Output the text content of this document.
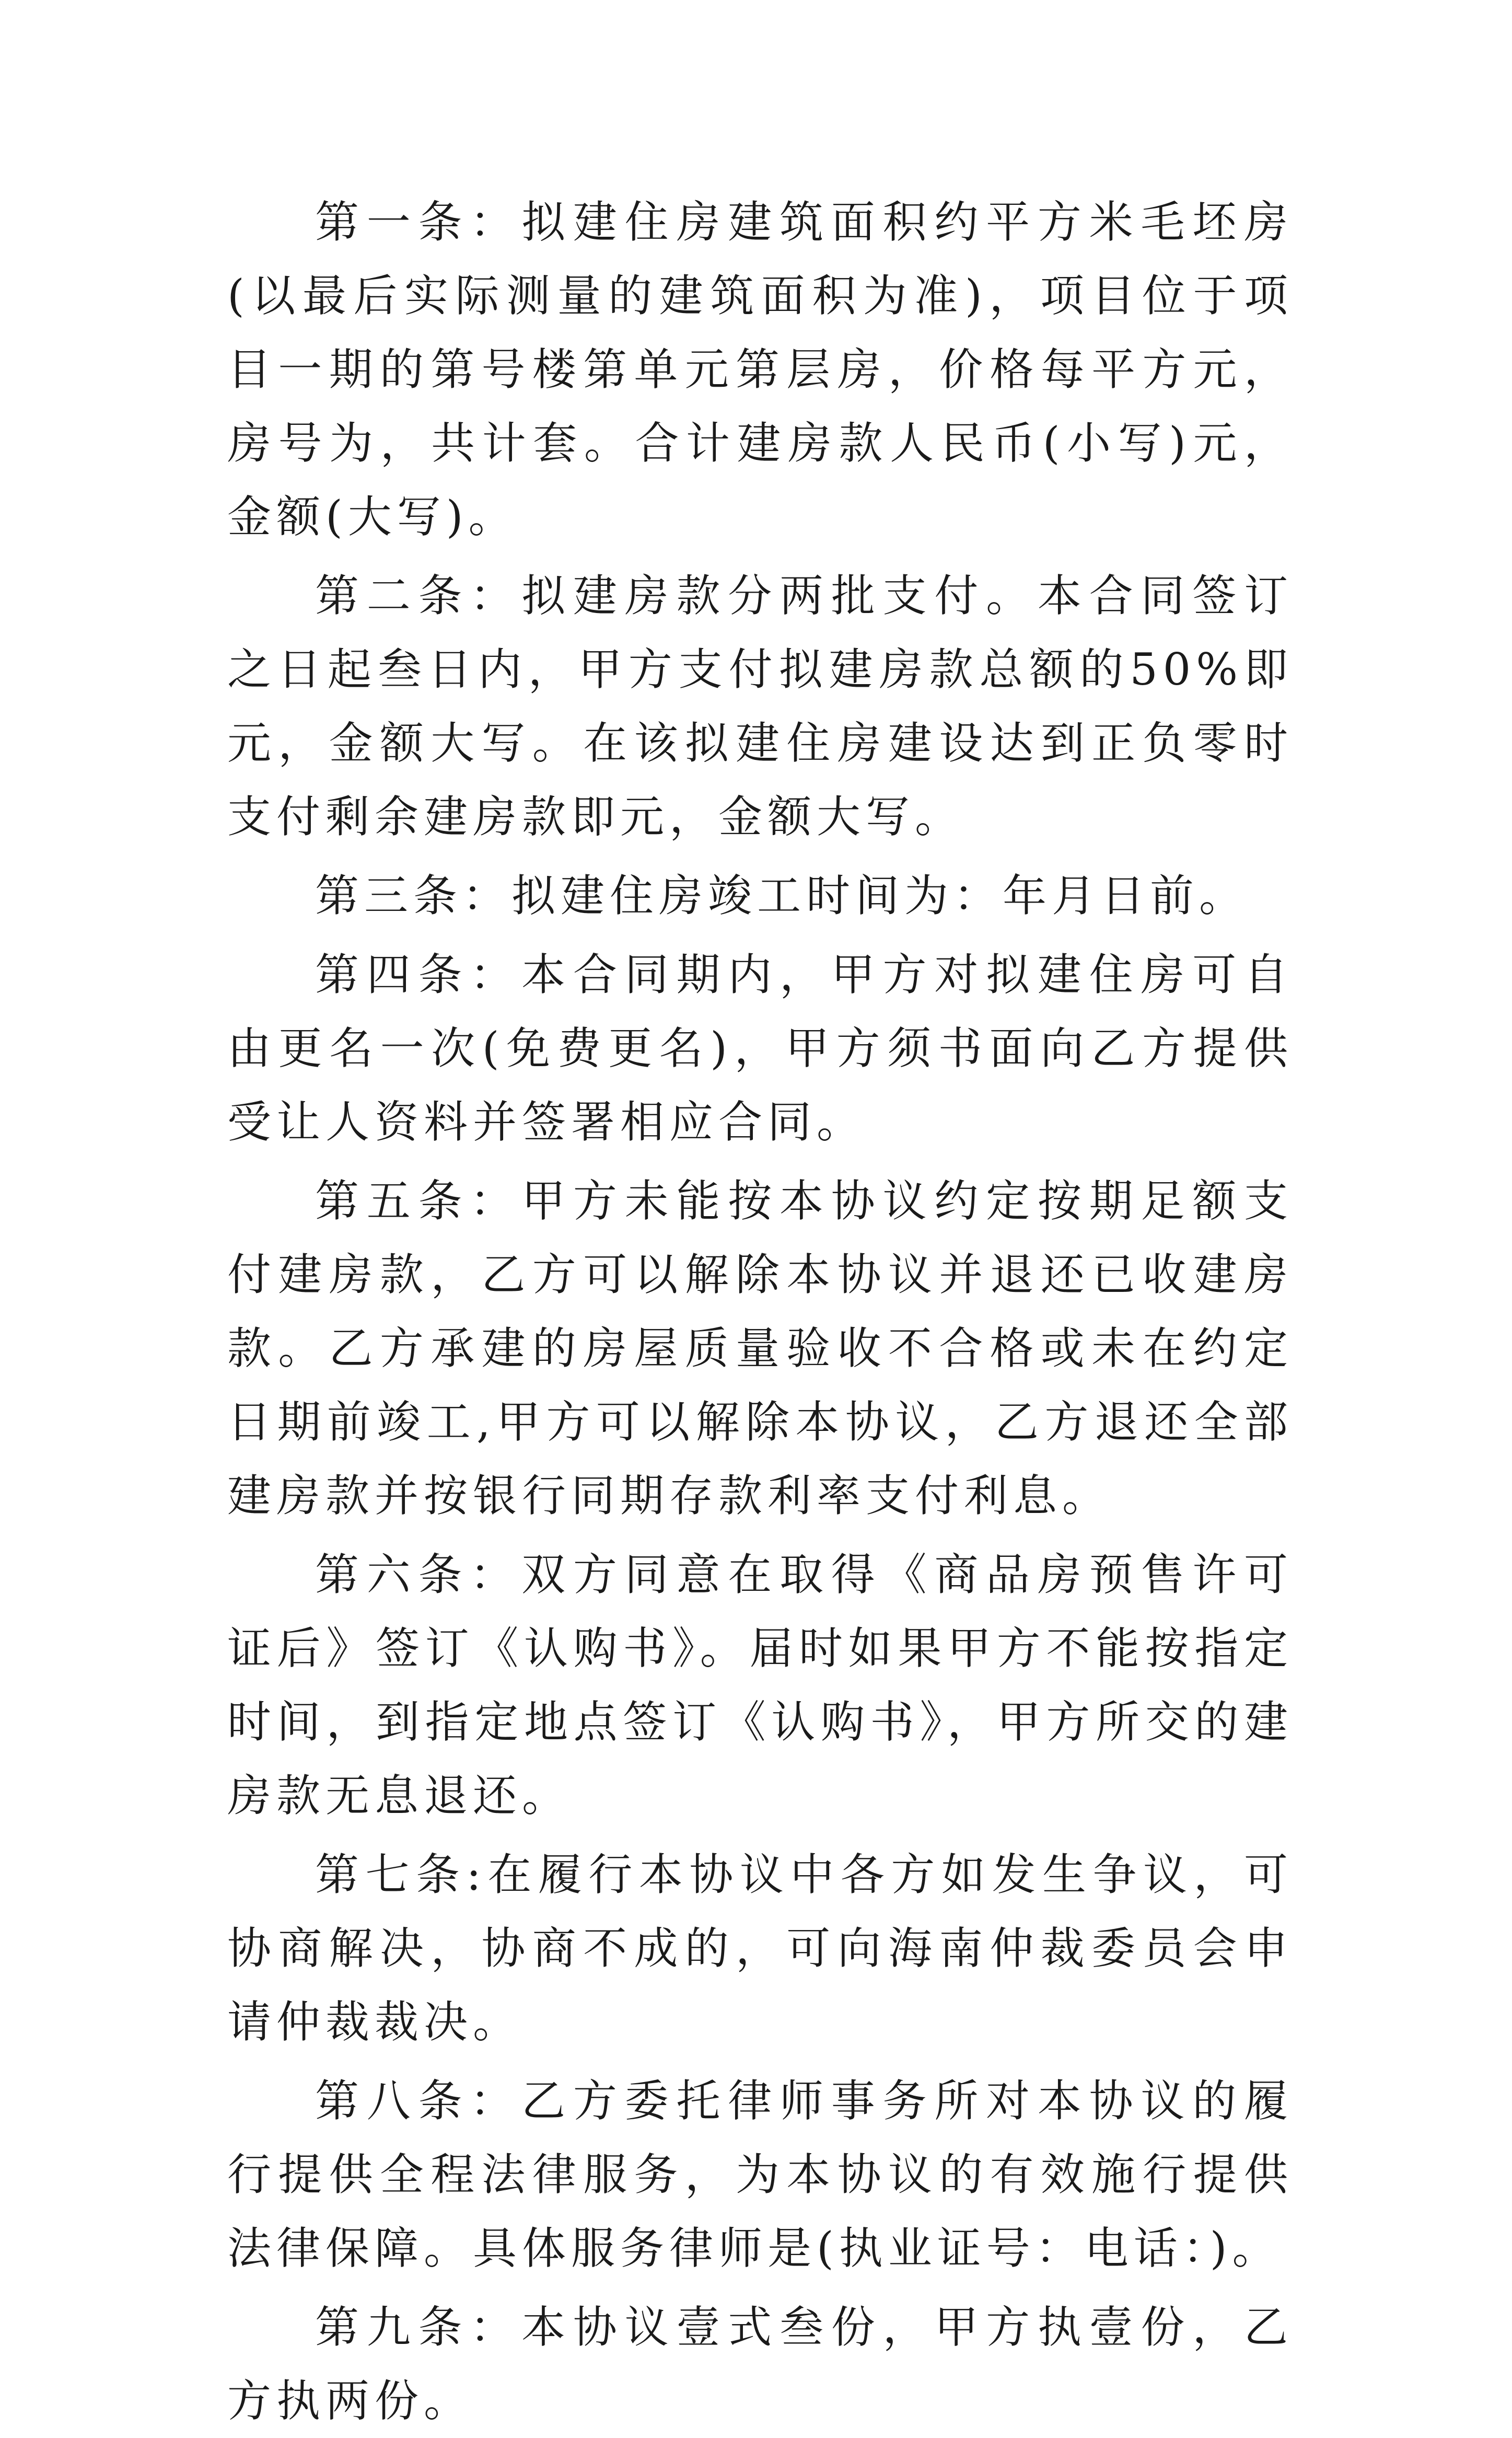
第一条：拟建住房建筑面积约平方米毛坯房(以最后实际测量的建筑面积为准)，项目位于项目一期的第号楼第单元第层房，价格每平方元，房号为，共计套。合计建房款人民币(小写)元，金额(大写)。

第二条：拟建房款分两批支付。本合同签订之日起叁日内，甲方支付拟建房款总额的50%即元，金额大写。在该拟建住房建设达到正负零时支付剩余建房款即元，金额大写。

第三条：拟建住房竣工时间为：年月日前。

第四条：本合同期内，甲方对拟建住房可自由更名一次(免费更名)，甲方须书面向乙方提供受让人资料并签署相应合同。

第五条：甲方未能按本协议约定按期足额支付建房款，乙方可以解除本协议并退还已收建房款。乙方承建的房屋质量验收不合格或未在约定日期前竣工,甲方可以解除本协议，乙方退还全部建房款并按银行同期存款利率支付利息。

第六条：双方同意在取得《商品房预售许可证后》签订《认购书》。届时如果甲方不能按指定时间，到指定地点签订《认购书》，甲方所交的建房款无息退还。

第七条:在履行本协议中各方如发生争议，可协商解决，协商不成的，可向海南仲裁委员会申请仲裁裁决。

第八条：乙方委托律师事务所对本协议的履行提供全程法律服务，为本协议的有效施行提供法律保障。具体服务律师是(执业证号：电话：)。

第九条：本协议壹式叁份，甲方执壹份，乙方执两份。
